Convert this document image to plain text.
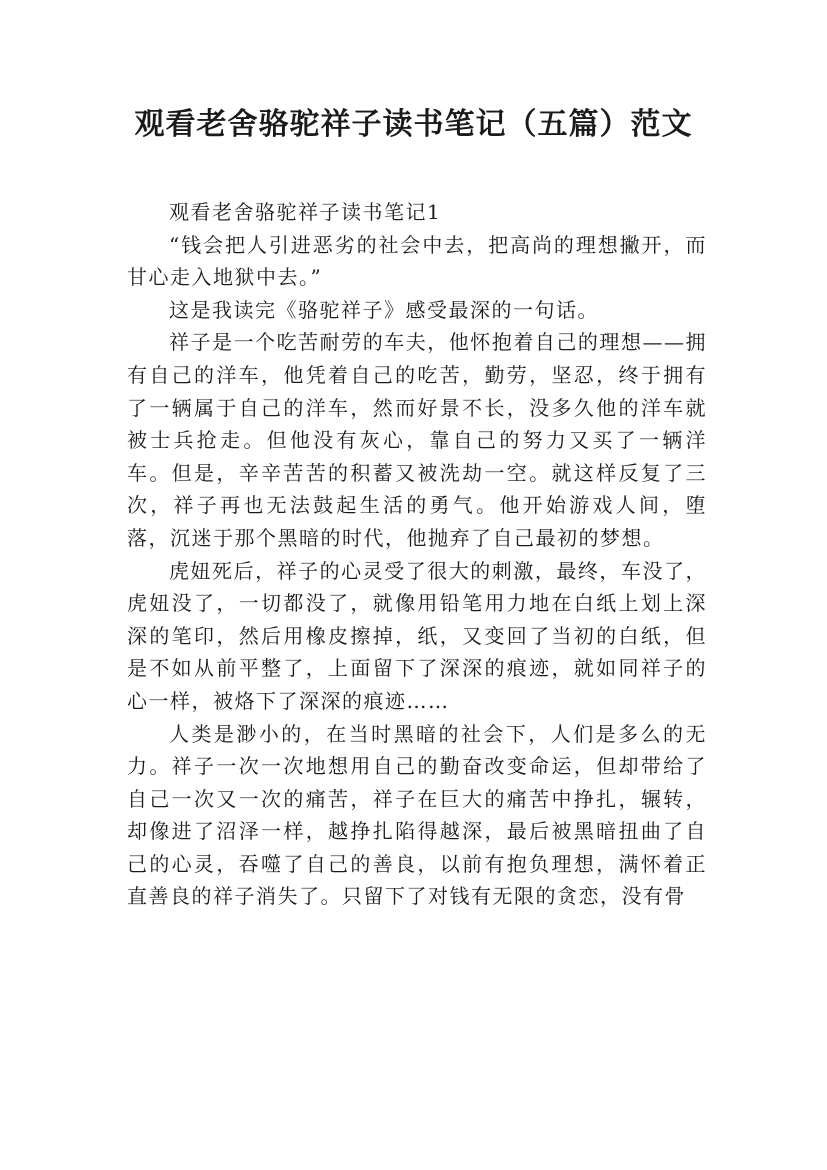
观看老舍骆驼祥子读书笔记（五篇）范文

观看老舍骆驼祥子读书笔记1

“钱会把人引进恶劣的社会中去，把高尚的理想撇开，而甘心走入地狱中去。”

这是我读完《骆驼祥子》感受最深的一句话。

祥子是一个吃苦耐劳的车夫，他怀抱着自己的理想——拥有自己的洋车，他凭着自己的吃苦，勤劳，坚忍，终于拥有了一辆属于自己的洋车，然而好景不长，没多久他的洋车就被士兵抢走。但他没有灰心，靠自己的努力又买了一辆洋车。但是，辛辛苦苦的积蓄又被洗劫一空。就这样反复了三次，祥子再也无法鼓起生活的勇气。他开始游戏人间，堕落，沉迷于那个黑暗的时代，他抛弃了自己最初的梦想。

虎妞死后，祥子的心灵受了很大的刺激，最终，车没了，虎妞没了，一切都没了，就像用铅笔用力地在白纸上划上深深的笔印，然后用橡皮擦掉，纸，又变回了当初的白纸，但是不如从前平整了，上面留下了深深的痕迹，就如同祥子的心一样，被烙下了深深的痕迹……

人类是渺小的，在当时黑暗的社会下，人们是多么的无力。祥子一次一次地想用自己的勤奋改变命运，但却带给了自己一次又一次的痛苦，祥子在巨大的痛苦中挣扎，辗转，却像进了沼泽一样，越挣扎陷得越深，最后被黑暗扭曲了自己的心灵，吞噬了自己的善良，以前有抱负理想，满怀着正直善良的祥子消失了。只留下了对钱有无限的贪恋，没有骨
